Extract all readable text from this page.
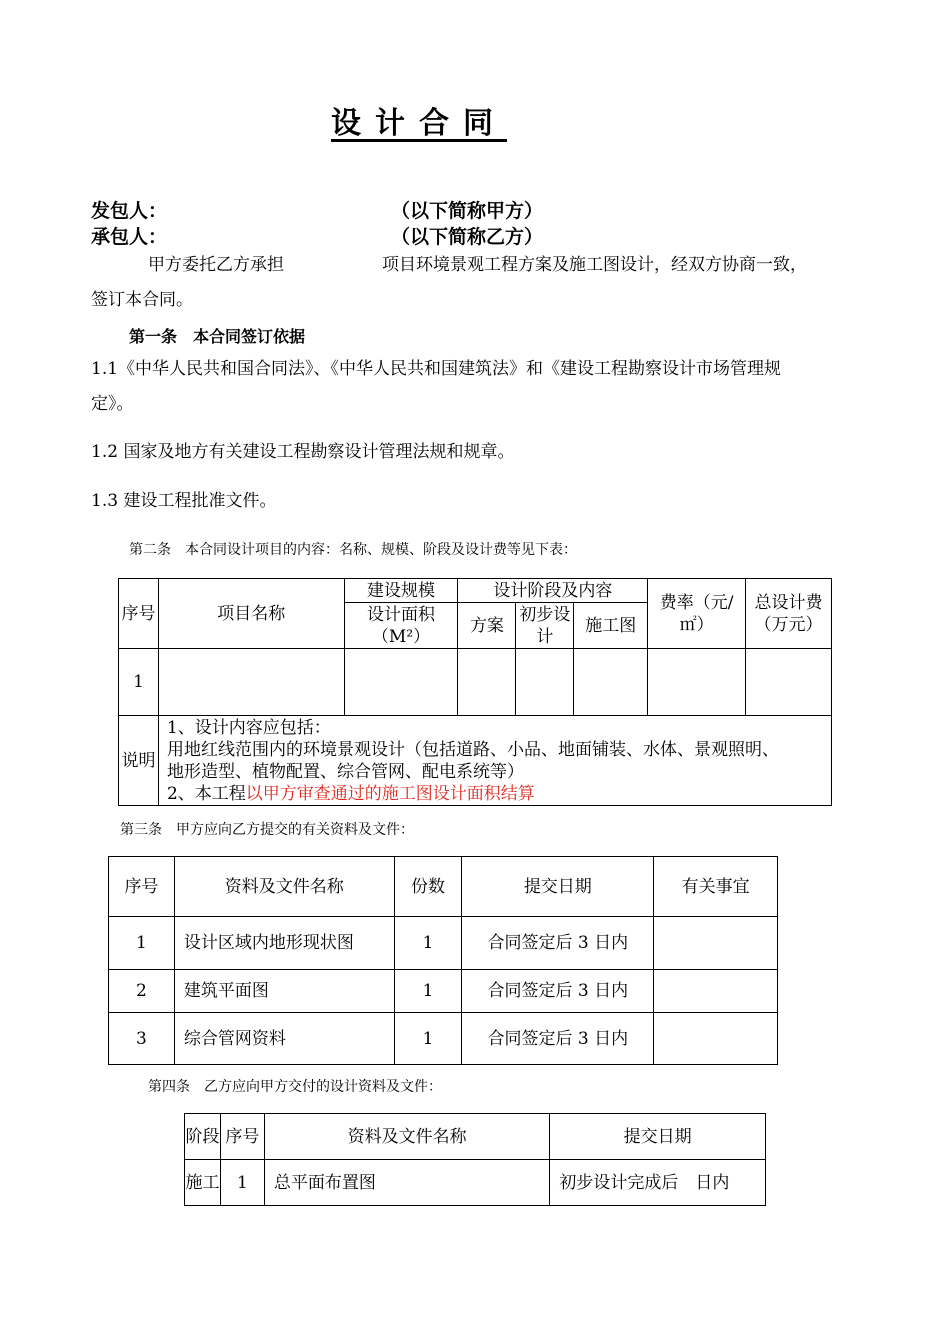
设计合同
发包人：	（以下简称甲方）
承包人：	（以下简称乙方）
甲方委托乙方承担	项目环境景观工程方案及施工图设计，经双方协商一致，
签订本合同。
第一条　本合同签订依据
1.1《中华人民共和国合同法》、《中华人民共和国建筑法》和《建设工程勘察设计市场管理规
定》。
1.2 国家及地方有关建设工程勘察设计管理法规和规章。
1.3 建设工程批准文件。
第二条　本合同设计项目的内容：名称、规模、阶段及设计费等见下表：
序号	项目名称	建设规模	设计阶段及内容			费率（元/㎡）	总设计费（万元）
		设计面积（M²）	方案	初步设计	施工图		
1							
说明	1、设计内容应包括：
用地红线范围内的环境景观设计（包括道路、小品、地面铺装、水体、景观照明、
地形造型、植物配置、综合管网、配电系统等）
2、本工程以甲方审查通过的施工图设计面积结算						
第三条　甲方应向乙方提交的有关资料及文件：
序号	资料及文件名称	份数	提交日期	有关事宜
1	设计区域内地形现状图	1	合同签定后 3 日内	
2	建筑平面图	1	合同签定后 3 日内	
3	综合管网资料	1	合同签定后 3 日内	
第四条　乙方应向甲方交付的设计资料及文件：
阶段	序号	资料及文件名称	提交日期
施工	1	总平面布置图	初步设计完成后　日内
